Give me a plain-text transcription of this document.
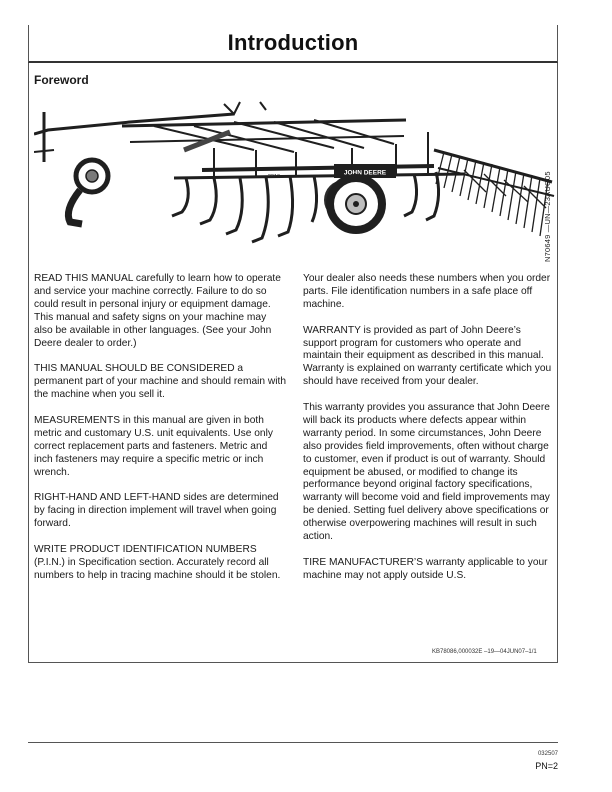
Introduction
Foreword
JOHN DEERE
2210	N70649 —UN—23AUG05

READ THIS MANUAL carefully to learn how to operate and service your machine correctly. Failure to do so could result in personal injury or equipment damage. This manual and safety signs on your machine may also be available in other languages. (See your John Deere dealer to order.)

THIS MANUAL SHOULD BE CONSIDERED a permanent part of your machine and should remain with the machine when you sell it.

MEASUREMENTS in this manual are given in both metric and customary U.S. unit equivalents. Use only correct replacement parts and fasteners. Metric and inch fasteners may require a specific metric or inch wrench.

RIGHT-HAND AND LEFT-HAND sides are determined by facing in direction implement will travel when going forward.

WRITE PRODUCT IDENTIFICATION NUMBERS (P.I.N.) in Specification section. Accurately record all numbers to help in tracing machine should it be stolen.

Your dealer also needs these numbers when you order parts. File identification numbers in a safe place off machine.

WARRANTY is provided as part of John Deere’s support program for customers who operate and maintain their equipment as described in this manual. Warranty is explained on warranty certificate which you should have received from your dealer.

This warranty provides you assurance that John Deere will back its products where defects appear within warranty period. In some circumstances, John Deere also provides field improvements, often without charge to customer, even if product is out of warranty. Should equipment be abused, or modified to change its performance beyond original factory specifications, warranty will become void and field improvements may be denied. Setting fuel delivery above specifications or otherwise overpowering machines will result in such action.

TIRE MANUFACTURER’S warranty applicable to your machine may not apply outside U.S.

KB78086,000032E –19—04JUN07–1/1
032507
PN=2
